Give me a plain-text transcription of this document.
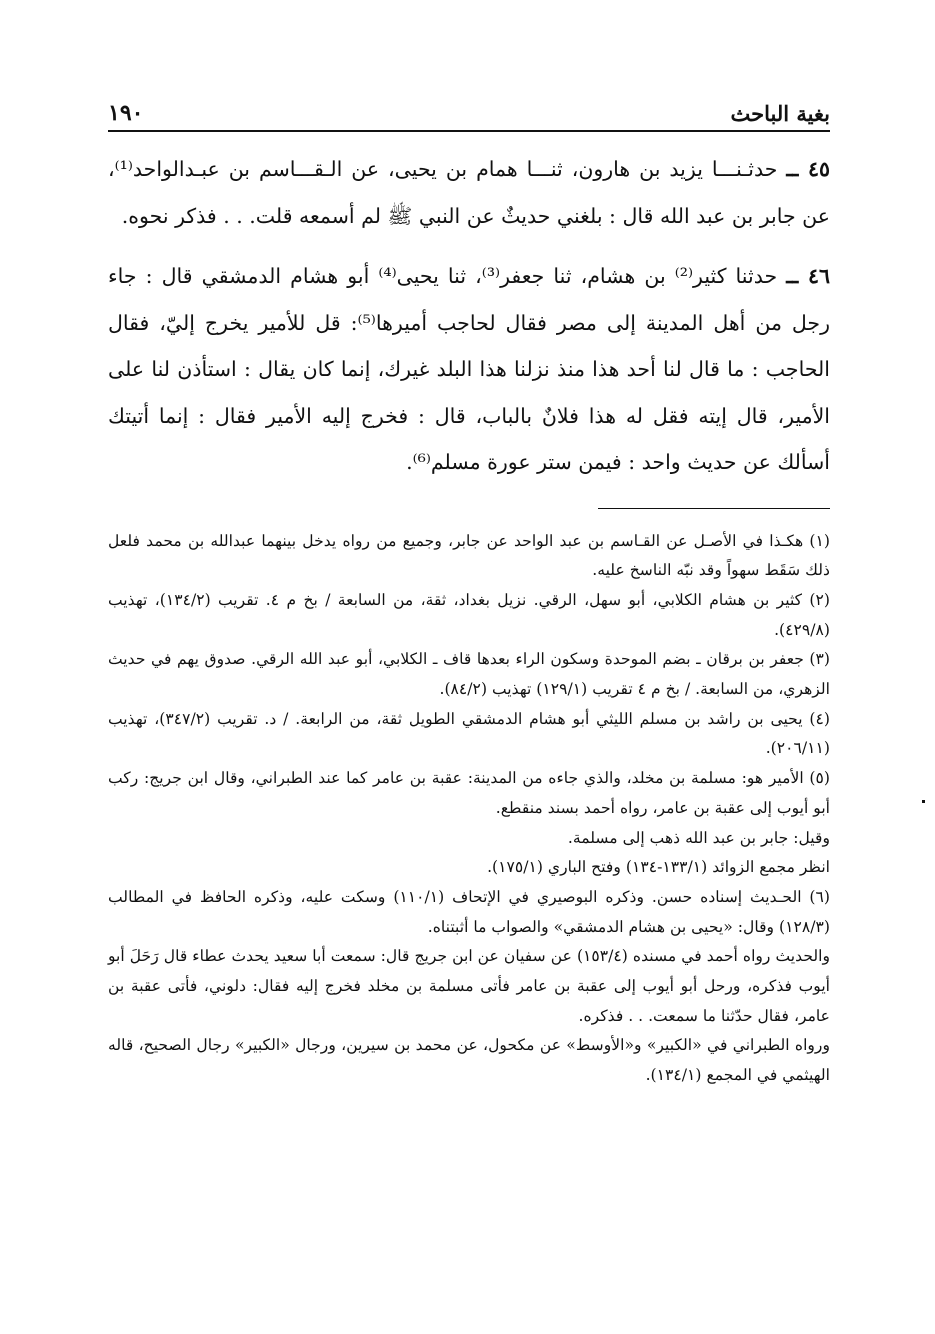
بغية الباحث
١٩٠

٤٥ ــ حدثـنـــا يزيد بن هارون، ثنـــا همام بن يحيى، عن الـقـــاسم بن عبـدالواحد⁽¹⁾، عن جابر بن عبد الله قال : بلغني حديثٌ عن النبي ﷺ لم أسمعه قلت. . . فذكر نحوه.

٤٦ ــ حدثنا كثير⁽²⁾ بن هشام، ثنا جعفر⁽³⁾، ثنا يحيى⁽⁴⁾ أبو هشام الدمشقي قال : جاء رجل من أهل المدينة إلى مصر فقال لحاجب أميرها⁽⁵⁾: قل للأمير يخرج إليّ، فقال الحاجب : ما قال لنا أحد هذا منذ نزلنا هذا البلد غيرك، إنما كان يقال : استأذن لنا على الأمير، قال إيته فقل له هذا فلانٌ بالباب، قال : فخرج إليه الأمير فقال : إنما أتيتك أسألك عن حديث واحد : فيمن ستر عورة مسلم⁽⁶⁾.

(١) هكـذا في الأصـل عن القـاسم بن عبد الواحد عن جابر، وجميع من رواه يدخل بينهما عبدالله بن محمد فلعل ذلك سَقَط سهواً وقد نبّه الناسخ عليه.

(٢) كثير بن هشام الكلابي، أبو سهل، الرقي. نزيل بغداد، ثقة، من السابعة / بخ م ٤. تقريب (١٣٤/٢)، تهذيب (٤٢٩/٨).

(٣) جعفر بن برقان ـ بضم الموحدة وسكون الراء بعدها قاف ـ الكلابي، أبو عبد الله الرقي. صدوق يهم في حديث الزهري، من السابعة. / بخ م ٤ تقريب (١٢٩/١) تهذيب (٨٤/٢).

(٤) يحيى بن راشد بن مسلم الليثي أبو هشام الدمشقي الطويل ثقة، من الرابعة. / د. تقريب (٣٤٧/٢)، تهذيب (٢٠٦/١١).

(٥) الأمير هو: مسلمة بن مخلد، والذي جاءه من المدينة: عقبة بن عامر كما عند الطبراني، وقال ابن جريج: ركب أبو أيوب إلى عقبة بن عامر، رواه أحمد بسند منقطع.

وقيل: جابر بن عبد الله ذهب إلى مسلمة.

انظر مجمع الزوائد (١٣٣/١-١٣٤) وفتح الباري (١٧٥/١).

(٦) الحـديث إسناده حسن. وذكره البوصيري في الإتحاف (١١٠/١) وسكت عليه، وذكره الحافظ في المطالب (١٢٨/٣) وقال: «يحيى بن هشام الدمشقي» والصواب ما أثبتناه.

والحديث رواه أحمد في مسنده (١٥٣/٤) عن سفيان عن ابن جريج قال: سمعت أبا سعيد يحدث عطاء قال رَحَلَ أبو أيوب فذكره، ورحل أبو أيوب إلى عقبة بن عامر فأتى مسلمة بن مخلد فخرج إليه فقال: دلوني، فأتى عقبة بن عامر، فقال حدّثنا ما سمعت. . . فذكره.

ورواه الطبراني في «الكبير» و«الأوسط» عن مكحول، عن محمد بن سيرين، ورجال «الكبير» رجال الصحيح، قاله الهيثمي في المجمع (١٣٤/١).
